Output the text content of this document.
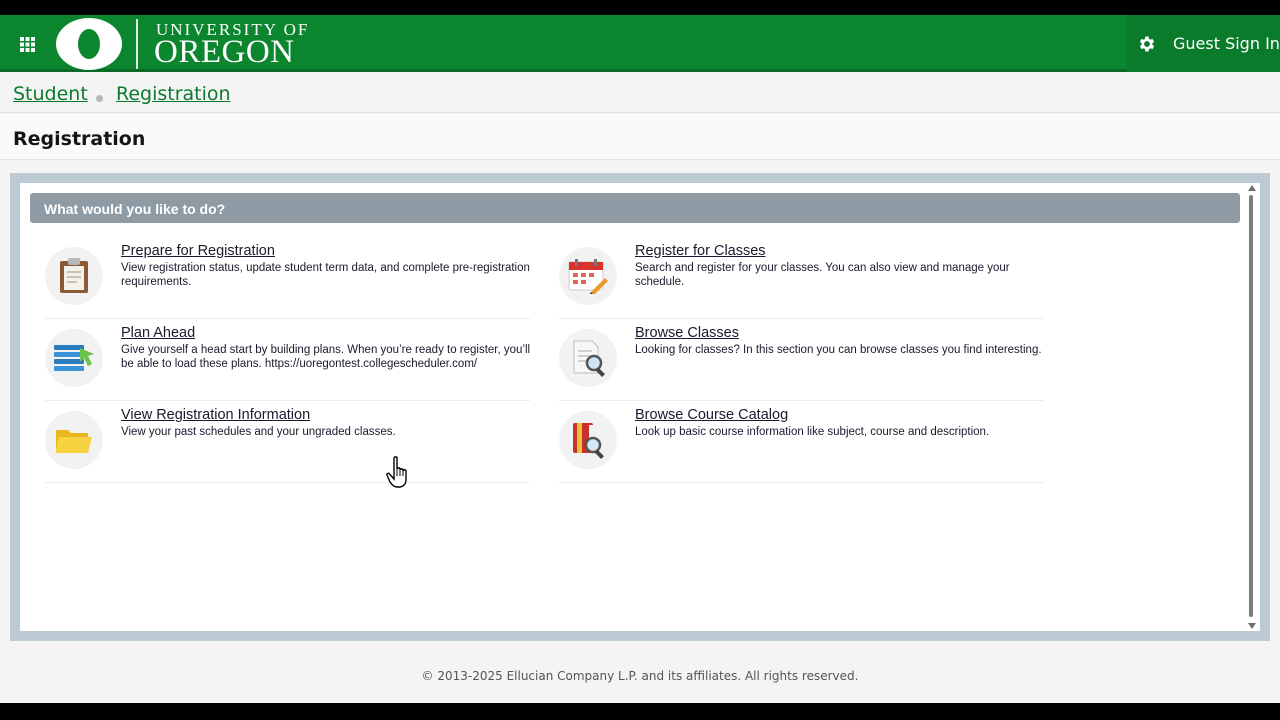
UNIVERSITY OF
OREGON	Guest Sign In
Student Registration
Registration
What would you like to do?
Prepare for Registration
View registration status, update student term data, and complete pre-registration requirements.
Register for Classes
Search and register for your classes. You can also view and manage your schedule.
Plan Ahead
Give yourself a head start by building plans. When you’re ready to register, you’ll be able to load these plans. https://uoregontest.collegescheduler.com/
Browse Classes
Looking for classes? In this section you can browse classes you find interesting.
View Registration Information
View your past schedules and your ungraded classes.
Browse Course Catalog
Look up basic course information like subject, course and description.
© 2013-2025 Ellucian Company L.P. and its affiliates. All rights reserved.
